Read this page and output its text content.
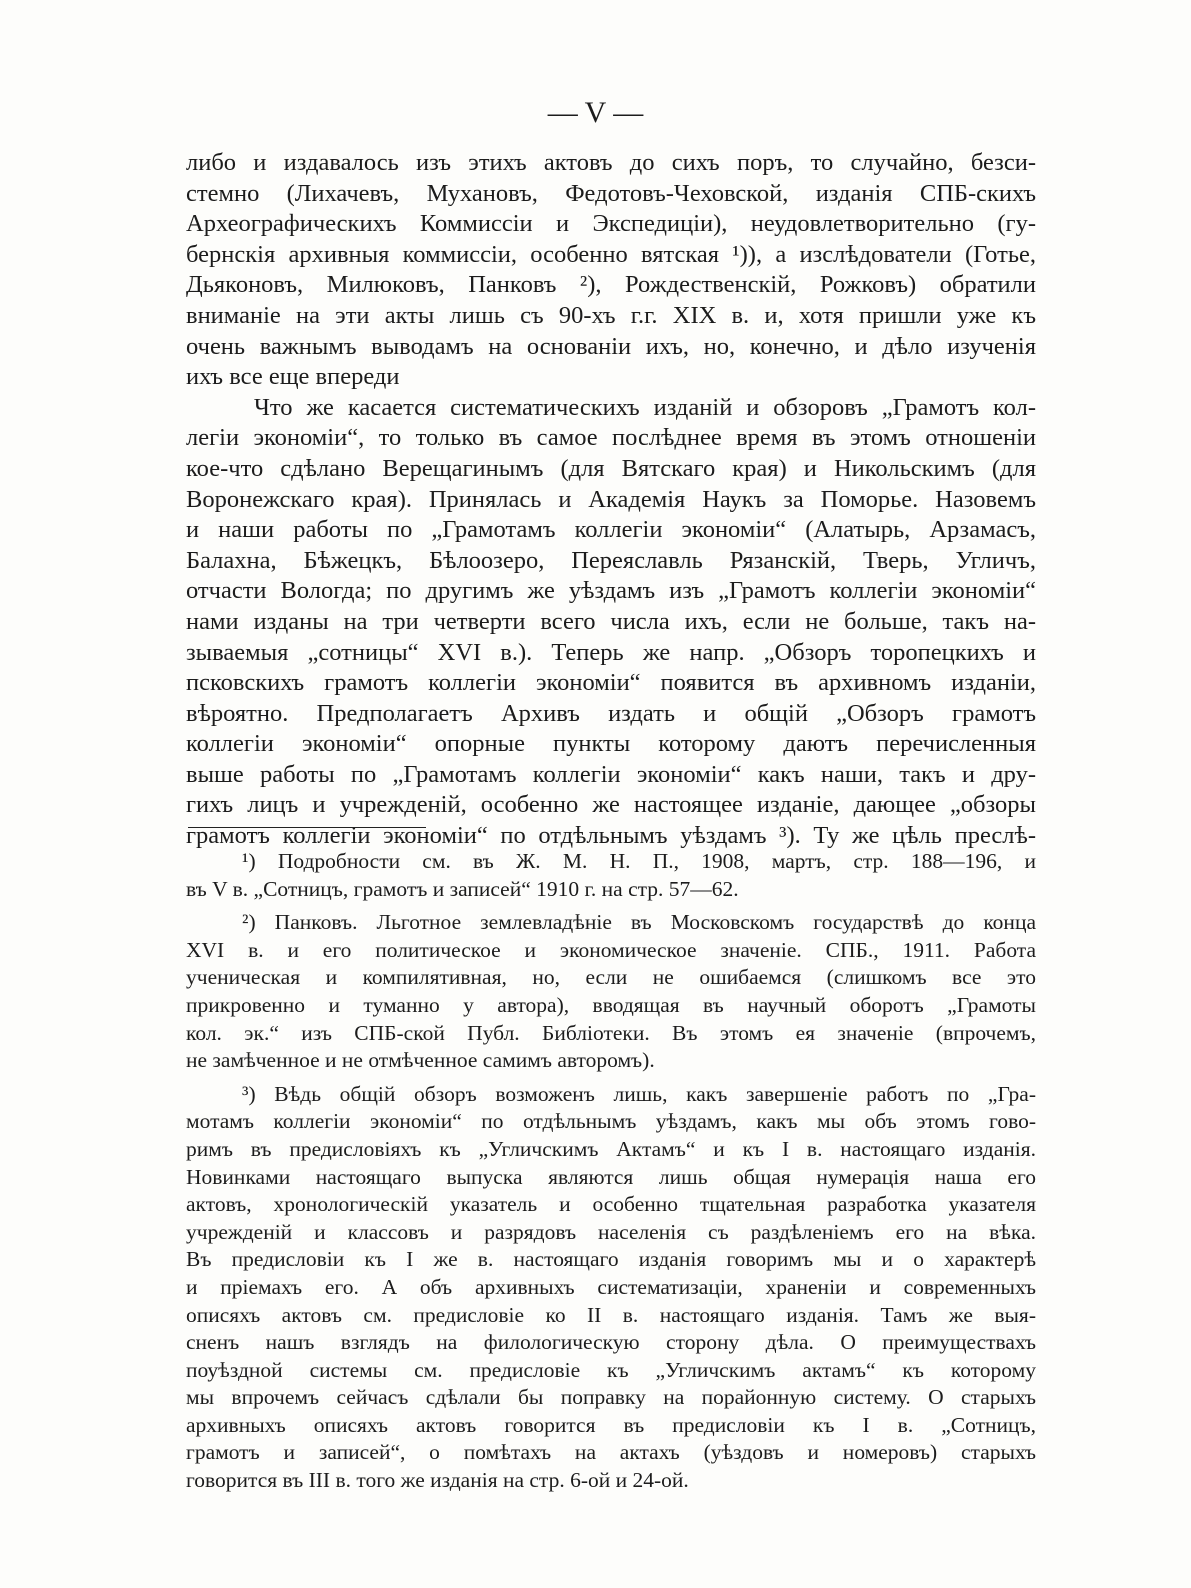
— V —
либо и издавалось изъ этихъ актовъ до сихъ поръ, то случайно, безси-
стемно (Лихачевъ, Мухановъ, Федотовъ-Чеховской, изданія СПБ-скихъ
Археографическихъ Коммиссіи и Экспедиціи), неудовлетворительно (гу-
бернскія архивныя коммиссіи, особенно вятская ¹)), а изслѣдователи (Готье,
Дьяконовъ, Милюковъ, Панковъ ²), Рождественскій, Рожковъ) обратили
вниманіе на эти акты лишь съ 90-хъ г.г. XIX в. и, хотя пришли уже къ
очень важнымъ выводамъ на основаніи ихъ, но, конечно, и дѣло изученія
ихъ все еще впереди
Что же касается систематическихъ изданій и обзоровъ „Грамотъ кол-
легіи экономіи“, то только въ самое послѣднее время въ этомъ отношеніи
кое-что сдѣлано Верещагинымъ (для Вятскаго края) и Никольскимъ (для
Воронежскаго края). Принялась и Академія Наукъ за Поморье. Назовемъ
и наши работы по „Грамотамъ коллегіи экономіи“ (Алатырь, Арзамасъ,
Балахна, Бѣжецкъ, Бѣлоозеро, Переяславль Рязанскій, Тверь, Угличъ,
отчасти Вологда; по другимъ же уѣздамъ изъ „Грамотъ коллегіи экономіи“
нами изданы на три четверти всего числа ихъ, если не больше, такъ на-
зываемыя „сотницы“ XVI в.). Теперь же напр. „Обзоръ торопецкихъ и
псковскихъ грамотъ коллегіи экономіи“ появится въ архивномъ изданіи,
вѣроятно. Предполагаетъ Архивъ издать и общій „Обзоръ грамотъ
коллегіи экономіи“ опорные пункты которому даютъ перечисленныя
выше работы по „Грамотамъ коллегіи экономіи“ какъ наши, такъ и дру-
гихъ лицъ и учрежденій, особенно же настоящее изданіе, дающее „обзоры
грамотъ коллегіи экономіи“ по отдѣльнымъ уѣздамъ ³). Ту же цѣль преслѣ-
¹) Подробности см. въ Ж. М. Н. П., 1908, мартъ, стр. 188—196, и
въ V в. „Сотницъ, грамотъ и записей“ 1910 г. на стр. 57—62.
²) Панковъ. Льготное землевладѣніе въ Московскомъ государствѣ до конца
XVI в. и его политическое и экономическое значеніе. СПБ., 1911. Работа
ученическая и компилятивная, но, если не ошибаемся (слишкомъ все это
прикровенно и туманно у автора), вводящая въ научный оборотъ „Грамоты
кол. эк.“ изъ СПБ-ской Публ. Библіотеки. Въ этомъ ея значеніе (впрочемъ,
не замѣченное и не отмѣченное самимъ авторомъ).
³) Вѣдь общій обзоръ возможенъ лишь, какъ завершеніе работъ по „Гра-
мотамъ коллегіи экономіи“ по отдѣльнымъ уѣздамъ, какъ мы объ этомъ гово-
римъ въ предисловіяхъ къ „Угличскимъ Актамъ“ и къ I в. настоящаго изданія.
Новинками настоящаго выпуска являются лишь общая нумерація наша его
актовъ, хронологическій указатель и особенно тщательная разработка указателя
учрежденій и классовъ и разрядовъ населенія съ раздѣленіемъ его на вѣка.
Въ предисловіи къ I же в. настоящаго изданія говоримъ мы и о характерѣ
и пріемахъ его. А объ архивныхъ систематизаціи, храненіи и современныхъ
описяхъ актовъ см. предисловіе ко II в. настоящаго изданія. Тамъ же выя-
сненъ нашъ взглядъ на филологическую сторону дѣла. О преимуществахъ
поуѣздной системы см. предисловіе къ „Угличскимъ актамъ“ къ которому
мы впрочемъ сейчасъ сдѣлали бы поправку на порайонную систему. О старыхъ
архивныхъ описяхъ актовъ говорится въ предисловіи къ I в. „Сотницъ,
грамотъ и записей“, о помѣтахъ на актахъ (уѣздовъ и номеровъ) старыхъ
говорится въ III в. того же изданія на стр. 6-ой и 24-ой.
